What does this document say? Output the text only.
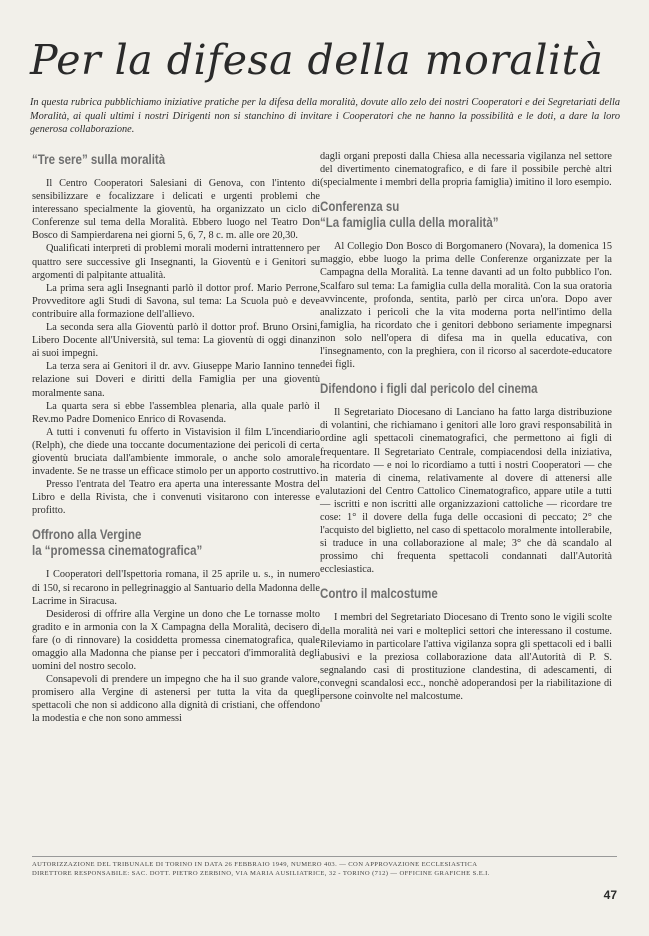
Per la difesa della moralità
In questa rubrica pubblichiamo iniziative pratiche per la difesa della moralità, dovute allo zelo dei nostri Cooperatori e dei Segretariati della Moralità, ai quali ultimi i nostri Dirigenti non si stanchino di invitare i Cooperatori che ne hanno la possibilità e le doti, a dare la loro generosa collaborazione.
“Tre sere” sulla moralità

Il Centro Cooperatori Salesiani di Genova, con l'intento di sensibilizzare e focalizzare i delicati e urgenti problemi che interessano specialmente la gioventù, ha organizzato un ciclo di Conferenze sul tema della Moralità. Ebbero luogo nel Teatro Don Bosco di Sampierdarena nei giorni 5, 6, 7, 8 c. m. alle ore 20,30.

Qualificati interpreti di problemi morali moderni intrattennero per quattro sere successive gli Insegnanti, la Gioventù e i Genitori su argomenti di palpitante attualità.

La prima sera agli Insegnanti parlò il dottor prof. Mario Perrone, Provveditore agli Studi di Savona, sul tema: La Scuola può e deve contribuire alla formazione dell'allievo.

La seconda sera alla Gioventù parlò il dottor prof. Bruno Orsini, Libero Docente all'Università, sul tema: La gioventù di oggi dinanzi ai suoi impegni.

La terza sera ai Genitori il dr. avv. Giuseppe Mario Iannino tenne relazione sui Doveri e diritti della Famiglia per una gioventù moralmente sana.

La quarta sera si ebbe l'assemblea plenaria, alla quale parlò il Rev.mo Padre Domenico Enrico di Rovasenda.

A tutti i convenuti fu offerto in Vistavision il film L'incendiario (Relph), che diede una toccante documentazione dei pericoli di certa gioventù bruciata dall'ambiente immorale, o anche solo amorale invadente. Se ne trasse un efficace stimolo per un apporto costruttivo.

Presso l'entrata del Teatro era aperta una interessante Mostra del Libro e della Rivista, che i convenuti visitarono con interesse e profitto.

Offrono alla Vergine
la “promessa cinematografica”

I Cooperatori dell'Ispettoria romana, il 25 aprile u. s., in numero di 150, si recarono in pellegrinaggio al Santuario della Madonna delle Lacrime in Siracusa.

Desiderosi di offrire alla Vergine un dono che Le tornasse molto gradito e in armonia con la X Campagna della Moralità, decisero di fare (o di rinnovare) la cosiddetta promessa cinematografica, quale omaggio alla Madonna che pianse per i peccatori d'immoralità degli uomini del nostro secolo.

Consapevoli di prendere un impegno che ha il suo grande valore, promisero alla Vergine di astenersi per tutta la vita da quegli spettacoli che non si addicono alla dignità di cristiani, che offendono la modestia e che non sono ammessi

dagli organi preposti dalla Chiesa alla necessaria vigilanza nel settore del divertimento cinematografico, e di fare il possibile perchè altri (specialmente i membri della propria famiglia) imitino il loro esempio.

Conferenza su
“La famiglia culla della moralità”

Al Collegio Don Bosco di Borgomanero (Novara), la domenica 15 maggio, ebbe luogo la prima delle Conferenze organizzate per la Campagna della Moralità. La tenne davanti ad un folto pubblico l'on. Scalfaro sul tema: La famiglia culla della moralità. Con la sua oratoria avvincente, profonda, sentita, parlò per circa un'ora. Dopo aver analizzato i pericoli che la vita moderna porta nell'intimo della famiglia, ha ricordato che i genitori debbono seriamente impegnarsi non solo nell'opera di difesa ma in quella educativa, con l'insegnamento, con la preghiera, con il ricorso al sacerdote-educatore dei figli.

Difendono i figli dal pericolo del cinema

Il Segretariato Diocesano di Lanciano ha fatto larga distribuzione di volantini, che richiamano i genitori alle loro gravi responsabilità in ordine agli spettacoli cinematografici, che permettono ai figli di frequentare. Il Segretariato Centrale, compiacendosi della iniziativa, ha ricordato — e noi lo ricordiamo a tutti i nostri Cooperatori — che in materia di cinema, relativamente al dovere di attenersi alle valutazioni del Centro Cattolico Cinematografico, appare utile a tutti — iscritti e non iscritti alle organizzazioni cattoliche — ricordare tre cose: 1° il dovere della fuga delle occasioni di peccato; 2° che l'acquisto del biglietto, nel caso di spettacolo moralmente intollerabile, si traduce in una collaborazione al male; 3° che dà scandalo al prossimo chi frequenta spettacoli condannati dall'Autorità ecclesiastica.

Contro il malcostume

I membri del Segretariato Diocesano di Trento sono le vigili scolte della moralità nei vari e molteplici settori che interessano il costume. Rileviamo in particolare l'attiva vigilanza sopra gli spettacoli ed i balli abusivi e la preziosa collaborazione data all'Autorità di P. S. segnalando casi di prostituzione clandestina, di adescamenti, di convegni scandalosi ecc., nonchè adoperandosi per la riabilitazione di persone coinvolte nel malcostume.

AUTORIZZAZIONE DEL TRIBUNALE DI TORINO IN DATA 26 FEBBRAIO 1949, NUMERO 403. — CON APPROVAZIONE ECCLESIASTICA
DIRETTORE RESPONSABILE: SAC. DOTT. PIETRO ZERBINO, VIA MARIA AUSILIATRICE, 32 - TORINO (712) — OFFICINE GRAFICHE S.E.I.
47
